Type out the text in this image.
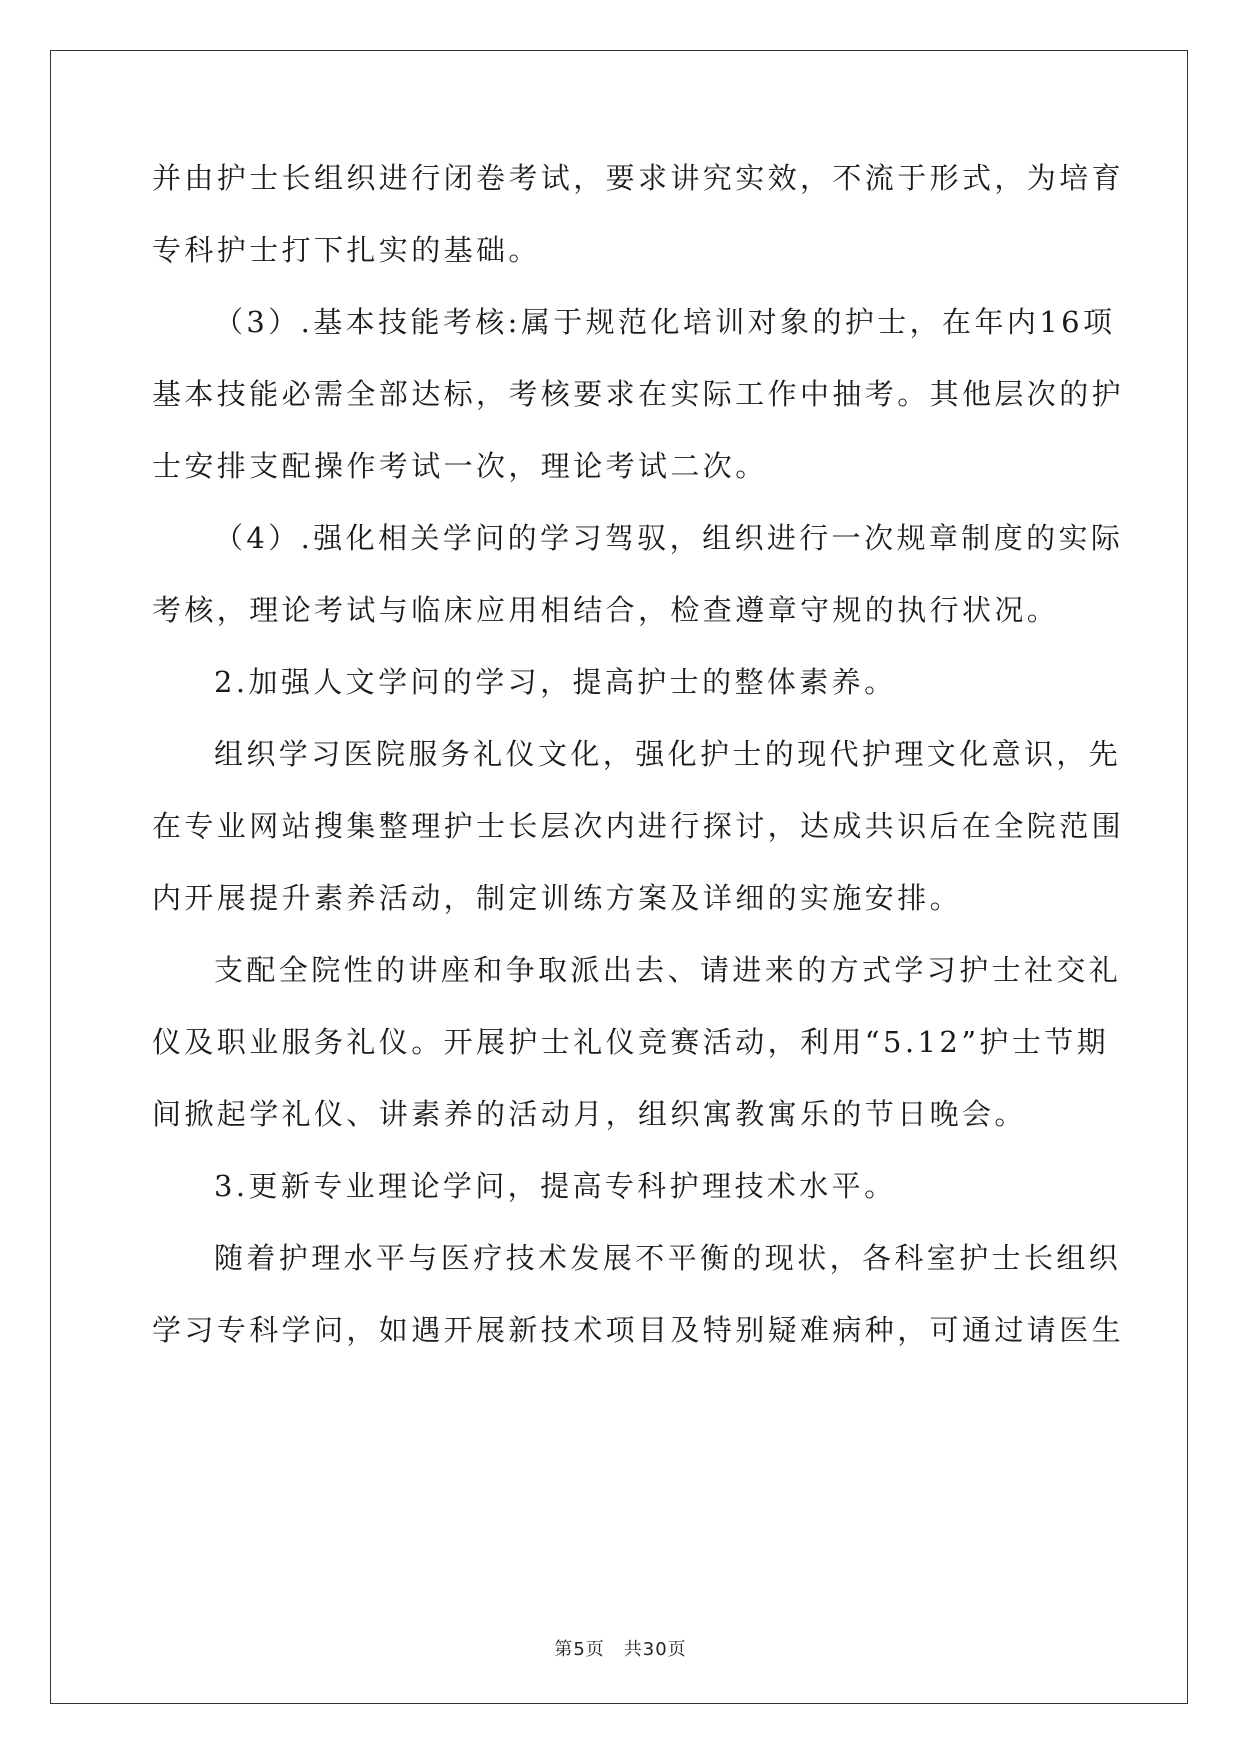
并由护士长组织进行闭卷考试，要求讲究实效，不流于形式，为培育
专科护士打下扎实的基础。
（3）.基本技能考核:属于规范化培训对象的护士，在年内16项
基本技能必需全部达标，考核要求在实际工作中抽考。其他层次的护
士安排支配操作考试一次，理论考试二次。
（4）.强化相关学问的学习驾驭，组织进行一次规章制度的实际
考核，理论考试与临床应用相结合，检查遵章守规的执行状况。
2.加强人文学问的学习，提高护士的整体素养。
组织学习医院服务礼仪文化，强化护士的现代护理文化意识，先
在专业网站搜集整理护士长层次内进行探讨，达成共识后在全院范围
内开展提升素养活动，制定训练方案及详细的实施安排。
支配全院性的讲座和争取派出去、请进来的方式学习护士社交礼
仪及职业服务礼仪。开展护士礼仪竞赛活动，利用“5.12”护士节期
间掀起学礼仪、讲素养的活动月，组织寓教寓乐的节日晚会。
3.更新专业理论学问，提高专科护理技术水平。
随着护理水平与医疗技术发展不平衡的现状，各科室护士长组织
学习专科学问，如遇开展新技术项目及特别疑难病种，可通过请医生
第5页　共30页
